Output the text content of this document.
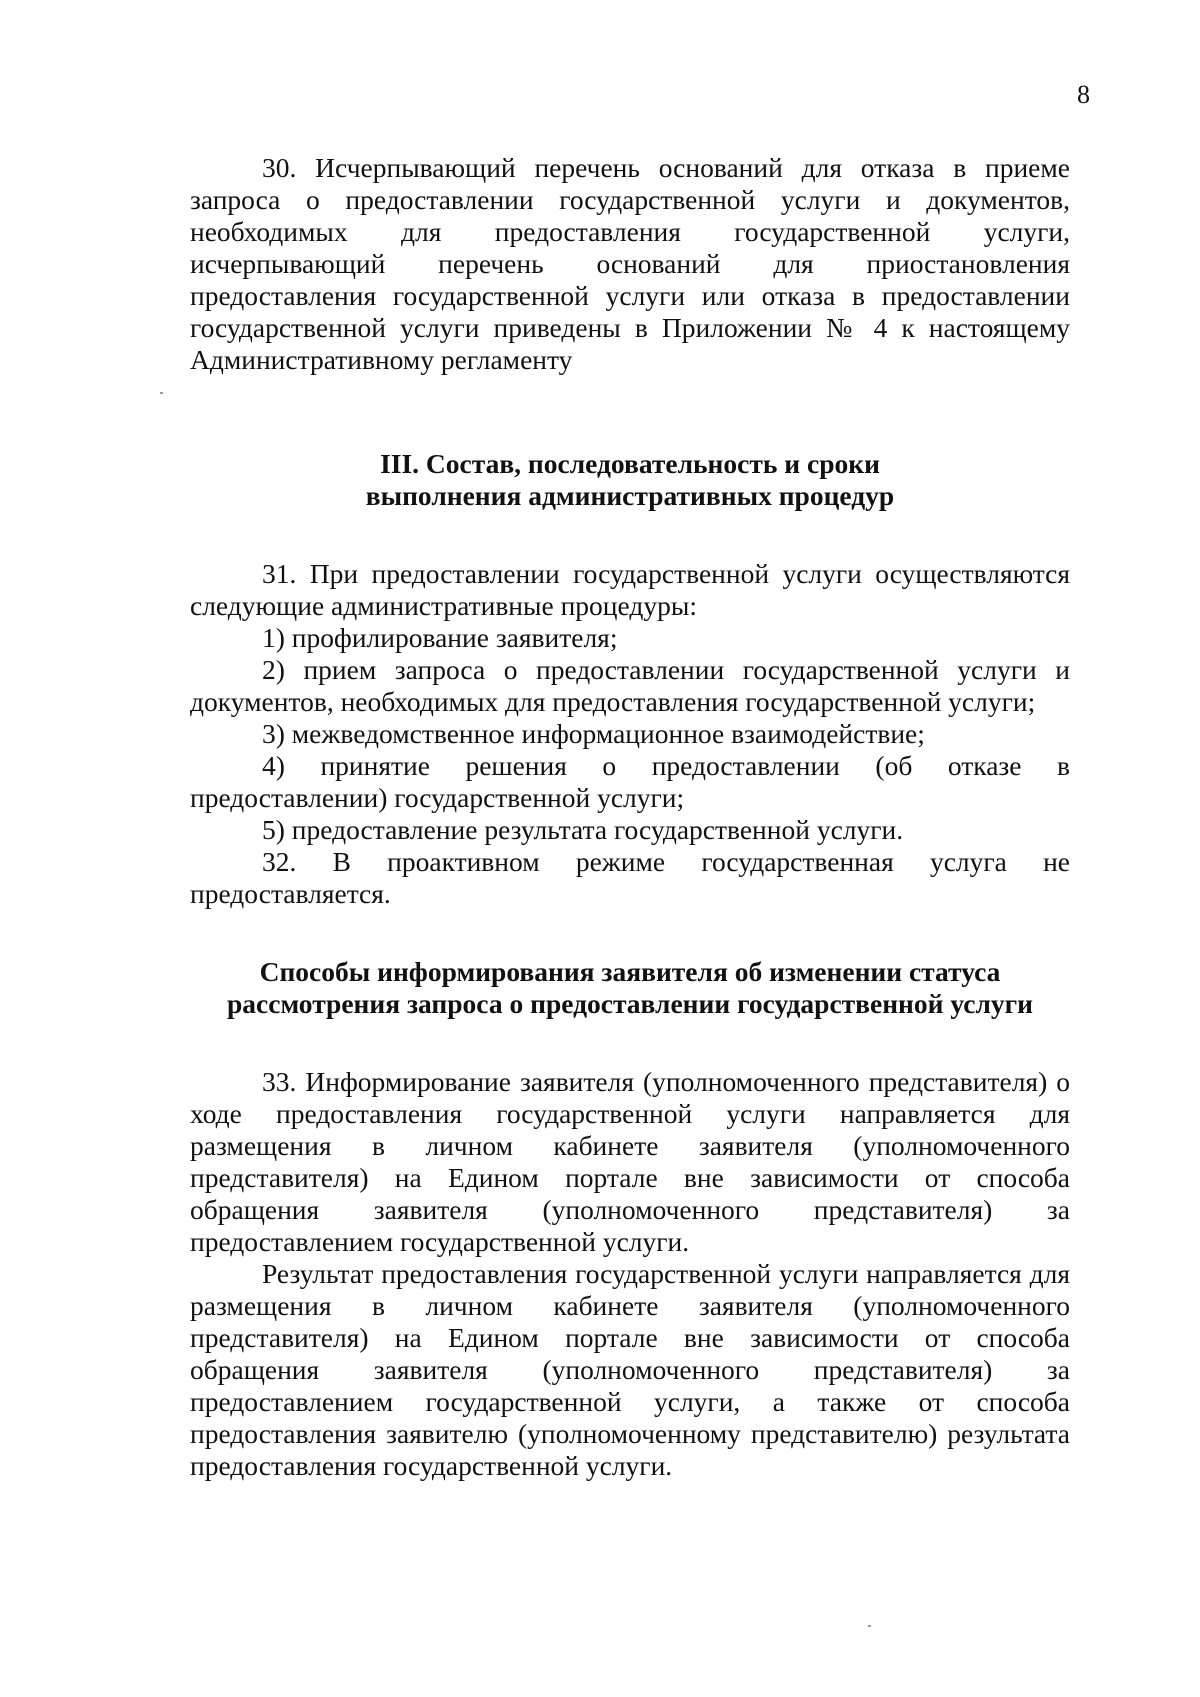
8

30. Исчерпывающий перечень оснований для отказа в приеме запроса о предоставлении государственной услуги и документов, необходимых для предоставления государственной услуги, исчерпывающий перечень оснований для приостановления предоставления государственной услуги или отказа в предоставлении государственной услуги приведены в Приложении № 4 к настоящему Административному регламенту

III. Состав, последовательность и сроки

выполнения административных процедур

31. При предоставлении государственной услуги осуществляются следующие административные процедуры:

1) профилирование заявителя;

2) прием запроса о предоставлении государственной услуги и документов, необходимых для предоставления государственной услуги;

3) межведомственное информационное взаимодействие;

4) принятие решения о предоставлении (об отказе в предоставлении) государственной услуги;

5) предоставление результата государственной услуги.

32. В проактивном режиме государственная услуга не предоставляется.

Способы информирования заявителя об изменении статуса

рассмотрения запроса о предоставлении государственной услуги

33. Информирование заявителя (уполномоченного представителя) о ходе предоставления государственной услуги направляется для размещения в личном кабинете заявителя (уполномоченного представителя) на Едином портале вне зависимости от способа обращения заявителя (уполномоченного представителя) за предоставлением государственной услуги.

Результат предоставления государственной услуги направляется для размещения в личном кабинете заявителя (уполномоченного представителя) на Едином портале вне зависимости от способа обращения заявителя (уполномоченного представителя) за предоставлением государственной услуги, а также от способа предоставления заявителю (уполномоченному представителю) результата предоставления государственной услуги.
